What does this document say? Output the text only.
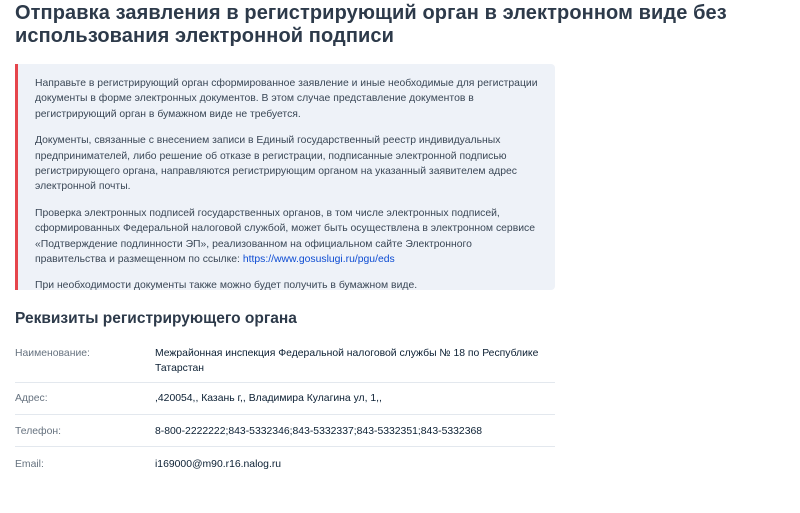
Отправка заявления в регистрирующий орган в электронном виде без использования электронной подписи

Направьте в регистрирующий орган сформированное заявление и иные необходимые для регистрации документы в форме электронных документов. В этом случае представление документов в регистрирующий орган в бумажном виде не требуется.

Документы, связанные с внесением записи в Единый государственный реестр индивидуальных предпринимателей, либо решение об отказе в регистрации, подписанные электронной подписью регистрирующего органа, направляются регистрирующим органом на указанный заявителем адрес электронной почты.

Проверка электронных подписей государственных органов, в том числе электронных подписей, сформированных Федеральной налоговой службой, может быть осуществлена в электронном сервисе «Подтверждение подлинности ЭП», реализованном на официальном сайте Электронного правительства и размещенном по ссылке: https://www.gosuslugi.ru/pgu/eds

При необходимости документы также можно будет получить в бумажном виде.

Реквизиты регистрирующего органа
Наименование:	Межрайонная инспекция Федеральной налоговой службы № 18 по Республике Татарстан
Адрес:	,420054,, Казань г,, Владимира Кулагина ул, 1,,
Телефон:	8-800-2222222;843-5332346;843-5332337;843-5332351;843-5332368
Email:	i169000@m90.r16.nalog.ru
